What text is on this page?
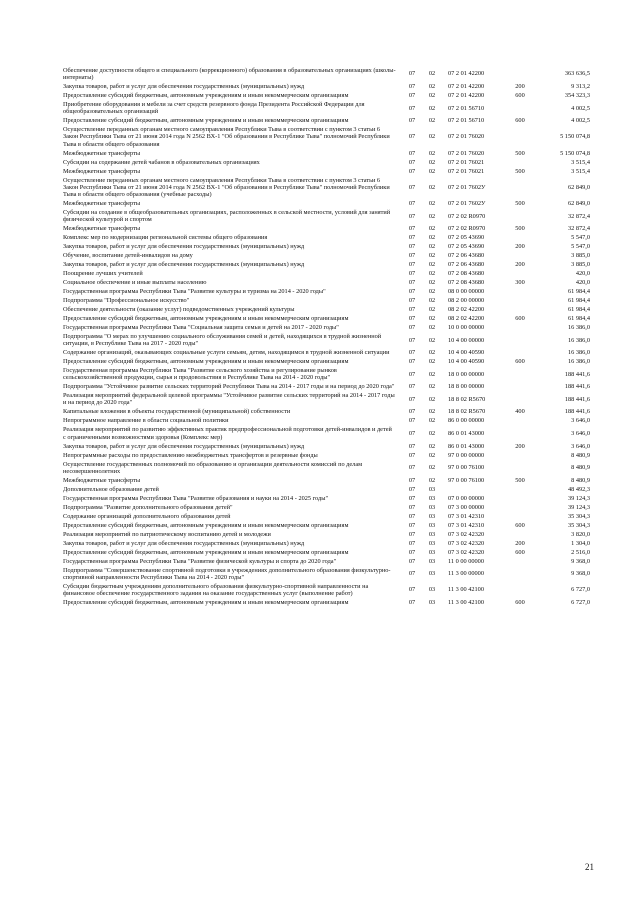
Обеспечение доступности общего и специального (коррекционного) образования в образовательных организациях (школы-интернаты)
07	02	07 2 01 42200	363 636,5
Закупка товаров, работ и услуг для обеспечения государственных (муниципальных) нужд	07	02	07 2 01 42200	200	9 313,2
Предоставление субсидий бюджетным, автономным учреждениям и иным некоммерческим организациям	07	02	07 2 01 42200	600	354 323,3
Приобретение оборудования и мебели за счет средств резервного фонда Президента Российской Федерации для общеобразовательных организаций
07	02	07 2 01 56710	4 002,5
Предоставление субсидий бюджетным, автономным учреждениям и иным некоммерческим организациям	07	02	07 2 01 56710	600	4 002,5
Осуществление переданных органам местного самоуправления Республики Тыва в соответствии с пунктом 3 статьи 6 Закон Республики Тыва от 21 июня 2014 года N 2562 ВХ-1 "Об образовании в Республике Тыва" полномочий Республики Тыва в области общего образования
07	02	07 2 01 76020	5 150 074,8
Межбюджетные трансферты	07	02	07 2 01 76020	500	5 150 074,8
Субсидии на содержание детей чабанов в образовательных организациях	07	02	07 2 01 76021	3 515,4
Межбюджетные трансферты	07	02	07 2 01 76021	500	3 515,4
Осуществление переданных органам местного самоуправления Республики Тыва в соответствии с пунктом 3 статьи 6 Закон Республики Тыва от 21 июня 2014 года N 2562 ВХ-1 "Об образовании в Республике Тыва" полномочий Республики Тыва в области общего образования (учебные расходы)
07	02	07 2 01 7602У	62 849,0
Межбюджетные трансферты	07	02	07 2 01 7602У	500	62 849,0
Субсидии на создание в общеобразовательных организациях, расположенных в сельской местности, условий для занятий физической культурой и спортом
07	02	07 2 02 R0970	32 872,4
Межбюджетные трансферты	07	02	07 2 02 R0970	500	32 872,4
Комплекс мер по модернизации региональной системы общего образования	07	02	07 2 05 43690	5 547,0
Закупка товаров, работ и услуг для обеспечения государственных (муниципальных) нужд	07	02	07 2 05 43690	200	5 547,0
Обучение, воспитание детей-инвалидов на дому	07	02	07 2 06 43680	3 885,0
Закупка товаров, работ и услуг для обеспечения государственных (муниципальных) нужд	07	02	07 2 06 43680	200	3 885,0
Поощрение лучших учителей	07	02	07 2 08 43680	420,0
Социальное обеспечение и иные выплаты населению	07	02	07 2 08 43680	300	420,0
Государственная программа Республики Тыва "Развитие культуры и туризма на 2014 - 2020 годы"	07	02	08 0 00 00000	61 984,4
Подпрограмма "Профессиональное искусство"	07	02	08 2 00 00000	61 984,4
Обеспечение деятельности (оказание услуг) подведомственных учреждений культуры	07	02	08 2 02 42200	61 984,4
Предоставление субсидий бюджетным, автономным учреждениям и иным некоммерческим организациям	07	02	08 2 02 42200	600	61 984,4
Государственная программа Республики Тыва "Социальная защита семьи и детей на 2017 - 2020 годы"	07	02	10 0 00 00000	16 386,0
Подпрограмма "О мерах по улучшению социального обслуживания семей и детей, находящихся в трудной жизненной ситуации, в Республике Тыва на 2017 - 2020 годы"
07	02	10 4 00 00000	16 386,0
Содержание организаций, оказывающих социальные услуги семьям, детям, находящимся в трудной жизненной ситуации	07	02	10 4 00 40590	16 386,0
Предоставление субсидий бюджетным, автономным учреждениям и иным некоммерческим организациям	07	02	10 4 00 40590	600	16 386,0
Государственная программа Республики Тыва "Развитие сельского хозяйства и регулирование рынков сельскохозяйственной продукции, сырья и продовольствия в Республике Тыва на 2014 - 2020 годы"
07	02	18 0 00 00000	188 441,6
Подпрограмма "Устойчивое развитие сельских территорий Республики Тыва на 2014 - 2017 годы и на период до 2020 года"	07	02	18 8 00 00000	188 441,6
Реализация мероприятий федеральной целевой программы "Устойчивое развитие сельских территорий на 2014 - 2017 годы и на период до 2020 года"
07	02	18 8 02 R5670	188 441,6
Капитальные вложения в объекты государственной (муниципальной) собственности	07	02	18 8 02 R5670	400	188 441,6
Непрограммное направление в области социальной политики	07	02	86 0 00 00000	3 646,0
Реализация мероприятий по развитию эффективных практик предпрофессиональной подготовки детей-инвалидов и детей с ограниченными возможностями здоровья (Комплекс мер)
07	02	86 0 01 43000	3 646,0
Закупка товаров, работ и услуг для обеспечения государственных (муниципальных) нужд	07	02	86 0 01 43000	200	3 646,0
Непрограммные расходы по предоставлению межбюджетных трансфертов и резервные фонды	07	02	97 0 00 00000	8 480,9
Осуществление государственных полномочий по образованию и организации деятельности комиссий по делам несовершеннолетних
07	02	97 0 00 76100	8 480,9
Межбюджетные трансферты	07	02	97 0 00 76100	500	8 480,9
Дополнительное образование детей	07	03	48 492,3
Государственная программа Республики Тыва "Развитие образования и науки на 2014 - 2025 годы"	07	03	07 0 00 00000	39 124,3
Подпрограмма "Развитие дополнительного образования детей"	07	03	07 3 00 00000	39 124,3
Содержание организаций дополнительного образования детей	07	03	07 3 01 42310	35 304,3
Предоставление субсидий бюджетным, автономным учреждениям и иным некоммерческим организациям	07	03	07 3 01 42310	600	35 304,3
Реализация мероприятий по патриотическому воспитанию детей и молодежи	07	03	07 3 02 42320	3 820,0
Закупка товаров, работ и услуг для обеспечения государственных (муниципальных) нужд	07	03	07 3 02 42320	200	1 304,0
Предоставление субсидий бюджетным, автономным учреждениям и иным некоммерческим организациям	07	03	07 3 02 42320	600	2 516,0
Государственная программа Республики Тыва "Развитие физической культуры и спорта до 2020 года"	07	03	11 0 00 00000	9 368,0
Подпрограмма "Совершенствование спортивной подготовки в учреждениях дополнительного образования физкультурно-спортивной направленности Республики Тыва на 2014 - 2020 годы"
07	03	11 3 00 00000	9 368,0
Субсидии бюджетным учреждениям дополнительного образования физкультурно-спортивной направленности на финансовое обеспечение государственного задания на оказание государственных услуг (выполнение работ)
07	03	11 3 00 42100	6 727,0
Предоставление субсидий бюджетным, автономным учреждениям и иным некоммерческим организациям	07	03	11 3 00 42100	600	6 727,0
21
